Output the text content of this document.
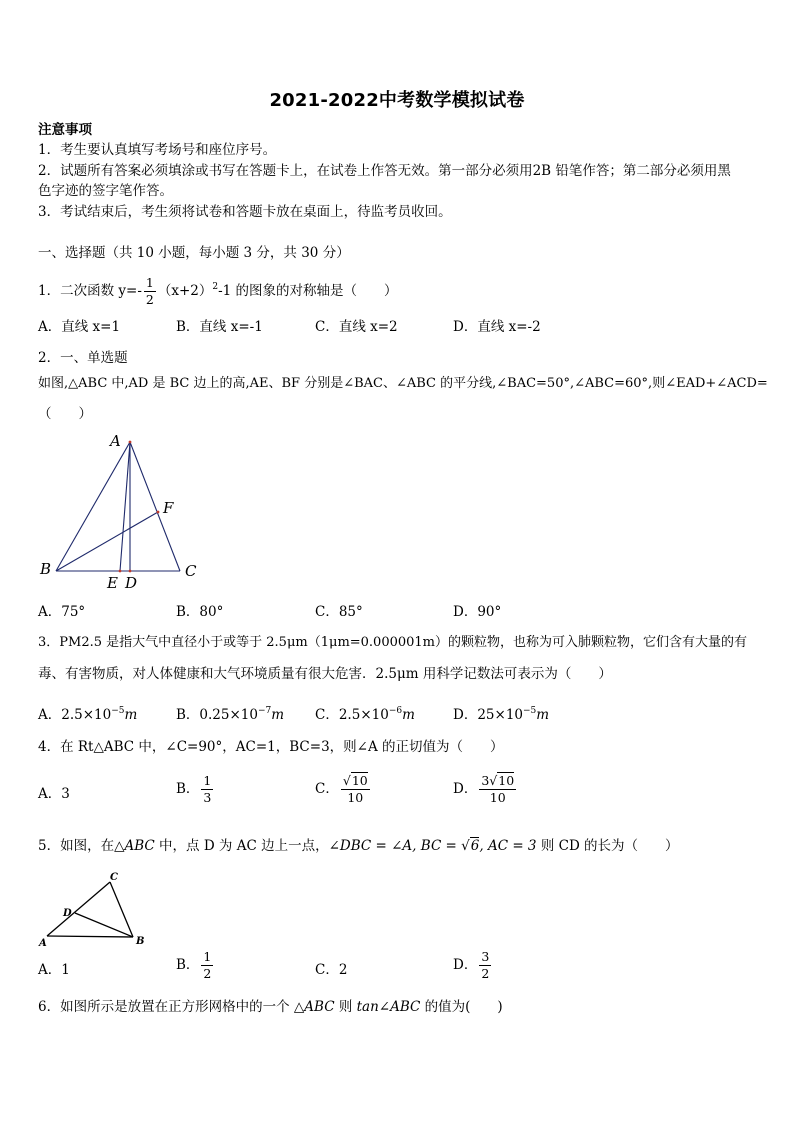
2021-2022中考数学模拟试卷
注意事项
1．考生要认真填写考场号和座位序号。
2．试题所有答案必须填涂或书写在答题卡上，在试卷上作答无效。第一部分必须用2B 铅笔作答；第二部分必须用黑
色字迹的签字笔作答。
3．考试结束后，考生须将试卷和答题卡放在桌面上，待监考员收回。
一、选择题（共 10 小题，每小题 3 分，共 30 分）
1．二次函数 $y=- \frac{1}{2} (x+2)^2-1$ 的图象的对称轴是（　　）
A．直线 x=1	B．直线 x=-1	C．直线 x=2	D．直线 x=-2
2．一、单选题
如图,△ABC 中,AD 是 BC 边上的高,AE、BF 分别是∠BAC、∠ABC 的平分线,∠BAC=50°,∠ABC=60°,则∠EAD+∠ACD=
（　　）
A
F
B	C
E D
A．75°	B．80°	C．85°	D．90°
3．PM2.5 是指大气中直径小于或等于 2.5μm（1μm=0.000001m）的颗粒物，也称为可入肺颗粒物，它们含有大量的有
毒、有害物质，对人体健康和大气环境质量有很大危害．2.5μm 用科学记数法可表示为（　　）
A．$2.5\times 10^{-5}m$	B．$0.25\times 10^{-7}m$ C．$2.5\times 10^{-6}m$	D．$25\times 10^{-5}m$
4．在 Rt△ABC 中，∠C=90°，AC=1，BC=3，则∠A 的正切值为（　　）
A．3	B． $\frac{1}{3}$	C． $\frac{√10}{10}$	D． $\frac{3√10}{10}$
5．如图，在△ABC 中，点 D 为 AC 边上一点，∠DBC = ∠A, BC = √6, AC = 3 则 CD 的长为（　　）
C
D
A	B
A．1	B． $\frac{1}{2}$	C．2	D． $\frac{3}{2}$
6．如图所示是放置在正方形网格中的一个 △ABC 则 tan∠ABC 的值为(　　)
